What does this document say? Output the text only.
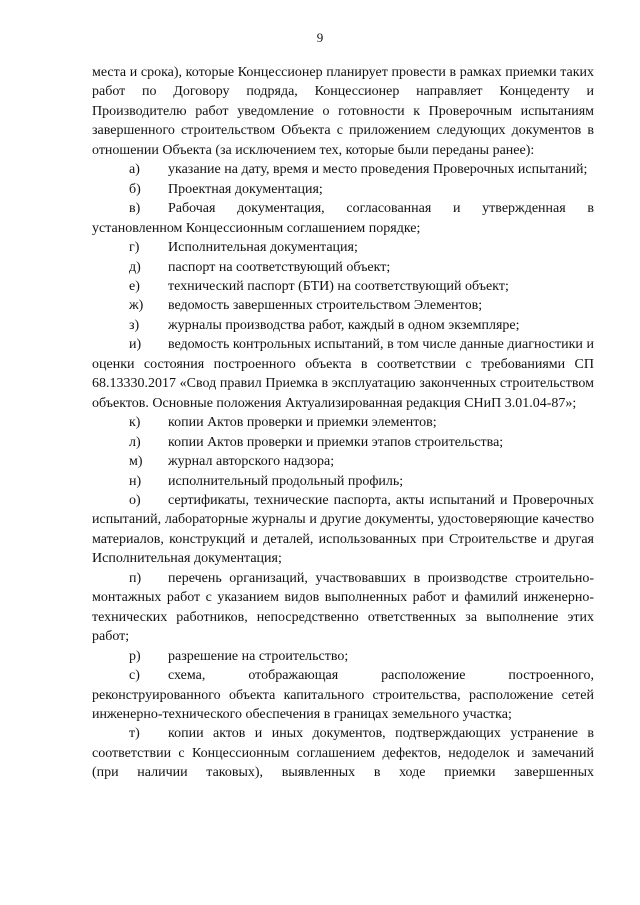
9

места и срока), которые Концессионер планирует провести в рамках приемки таких работ по Договору подряда, Концессионер направляет Концеденту и Производителю работ уведомление о готовности к Проверочным испытаниям завершенного строительством Объекта с приложением следующих документов в отношении Объекта (за исключением тех, которые были переданы ранее):

а)	указание на дату, время и место проведения Проверочных испытаний;

б)	Проектная документация;

в)	Рабочая документация, согласованная и утвержденная в установленном Концессионным соглашением порядке;

г)	Исполнительная документация;

д)	паспорт на соответствующий объект;

е)	технический паспорт (БТИ) на соответствующий объект;

ж)	ведомость завершенных строительством Элементов;

з)	журналы производства работ, каждый в одном экземпляре;

и)	ведомость контрольных испытаний, в том числе данные диагностики и оценки состояния построенного объекта в соответствии с требованиями СП 68.13330.2017 «Свод правил Приемка в эксплуатацию законченных строительством объектов. Основные положения Актуализированная редакция СНиП 3.01.04-87»;

к)	копии Актов проверки и приемки элементов;

л)	копии Актов проверки и приемки этапов строительства;

м)	журнал авторского надзора;

н)	исполнительный продольный профиль;

о)	сертификаты, технические паспорта, акты испытаний и Проверочных испытаний, лабораторные журналы и другие документы, удостоверяющие качество материалов, конструкций и деталей, использованных при Строительстве и другая Исполнительная документация;

п)	перечень организаций, участвовавших в производстве строительно-монтажных работ с указанием видов выполненных работ и фамилий инженерно-технических работников, непосредственно ответственных за выполнение этих работ;

р)	разрешение на строительство;

с)	схема, отображающая расположение построенного, реконструированного объекта капитального строительства, расположение сетей инженерно-технического обеспечения в границах земельного участка;

т)	копии актов и иных документов, подтверждающих устранение в соответствии с Концессионным соглашением дефектов, недоделок и замечаний (при наличии таковых), выявленных в ходе приемки завершенных
